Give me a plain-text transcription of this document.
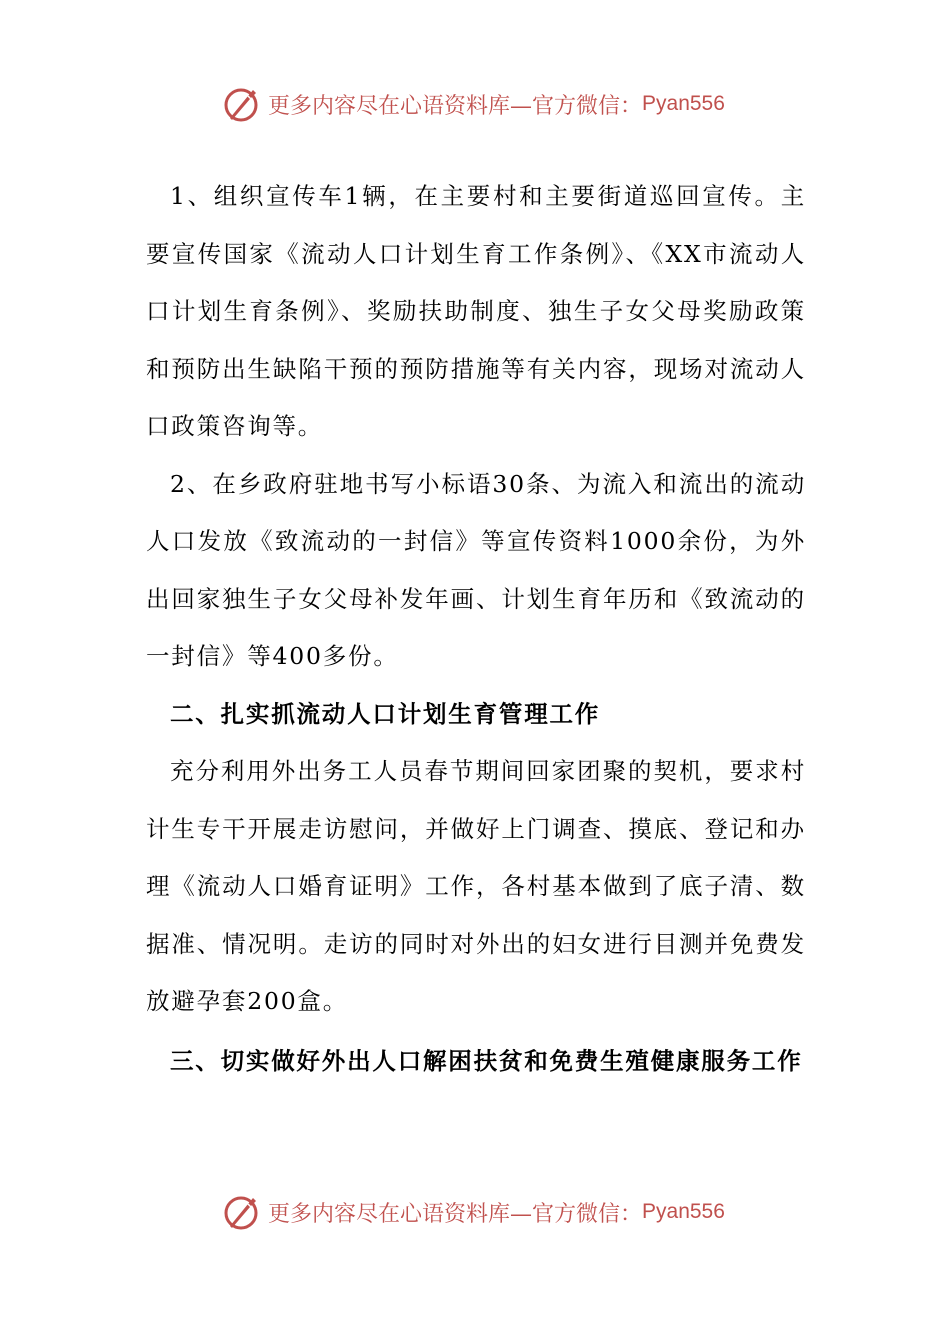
更多内容尽在心语资料库—官方微信： Pyan556

1、组织宣传车1辆，在主要村和主要街道巡回宣传。主要宣传国家《流动人口计划生育工作条例》、《XX市流动人口计划生育条例》、奖励扶助制度、独生子女父母奖励政策和预防出生缺陷干预的预防措施等有关内容，现场对流动人口政策咨询等。

2、在乡政府驻地书写小标语30条、为流入和流出的流动人口发放《致流动的一封信》等宣传资料1000余份，为外出回家独生子女父母补发年画、计划生育年历和《致流动的一封信》等400多份。

二、扎实抓流动人口计划生育管理工作

充分利用外出务工人员春节期间回家团聚的契机，要求村计生专干开展走访慰问，并做好上门调查、摸底、登记和办理《流动人口婚育证明》工作，各村基本做到了底子清、数据准、情况明。走访的同时对外出的妇女进行目测并免费发放避孕套200盒。

三、切实做好外出人口解困扶贫和免费生殖健康服务工作

更多内容尽在心语资料库—官方微信： Pyan556
